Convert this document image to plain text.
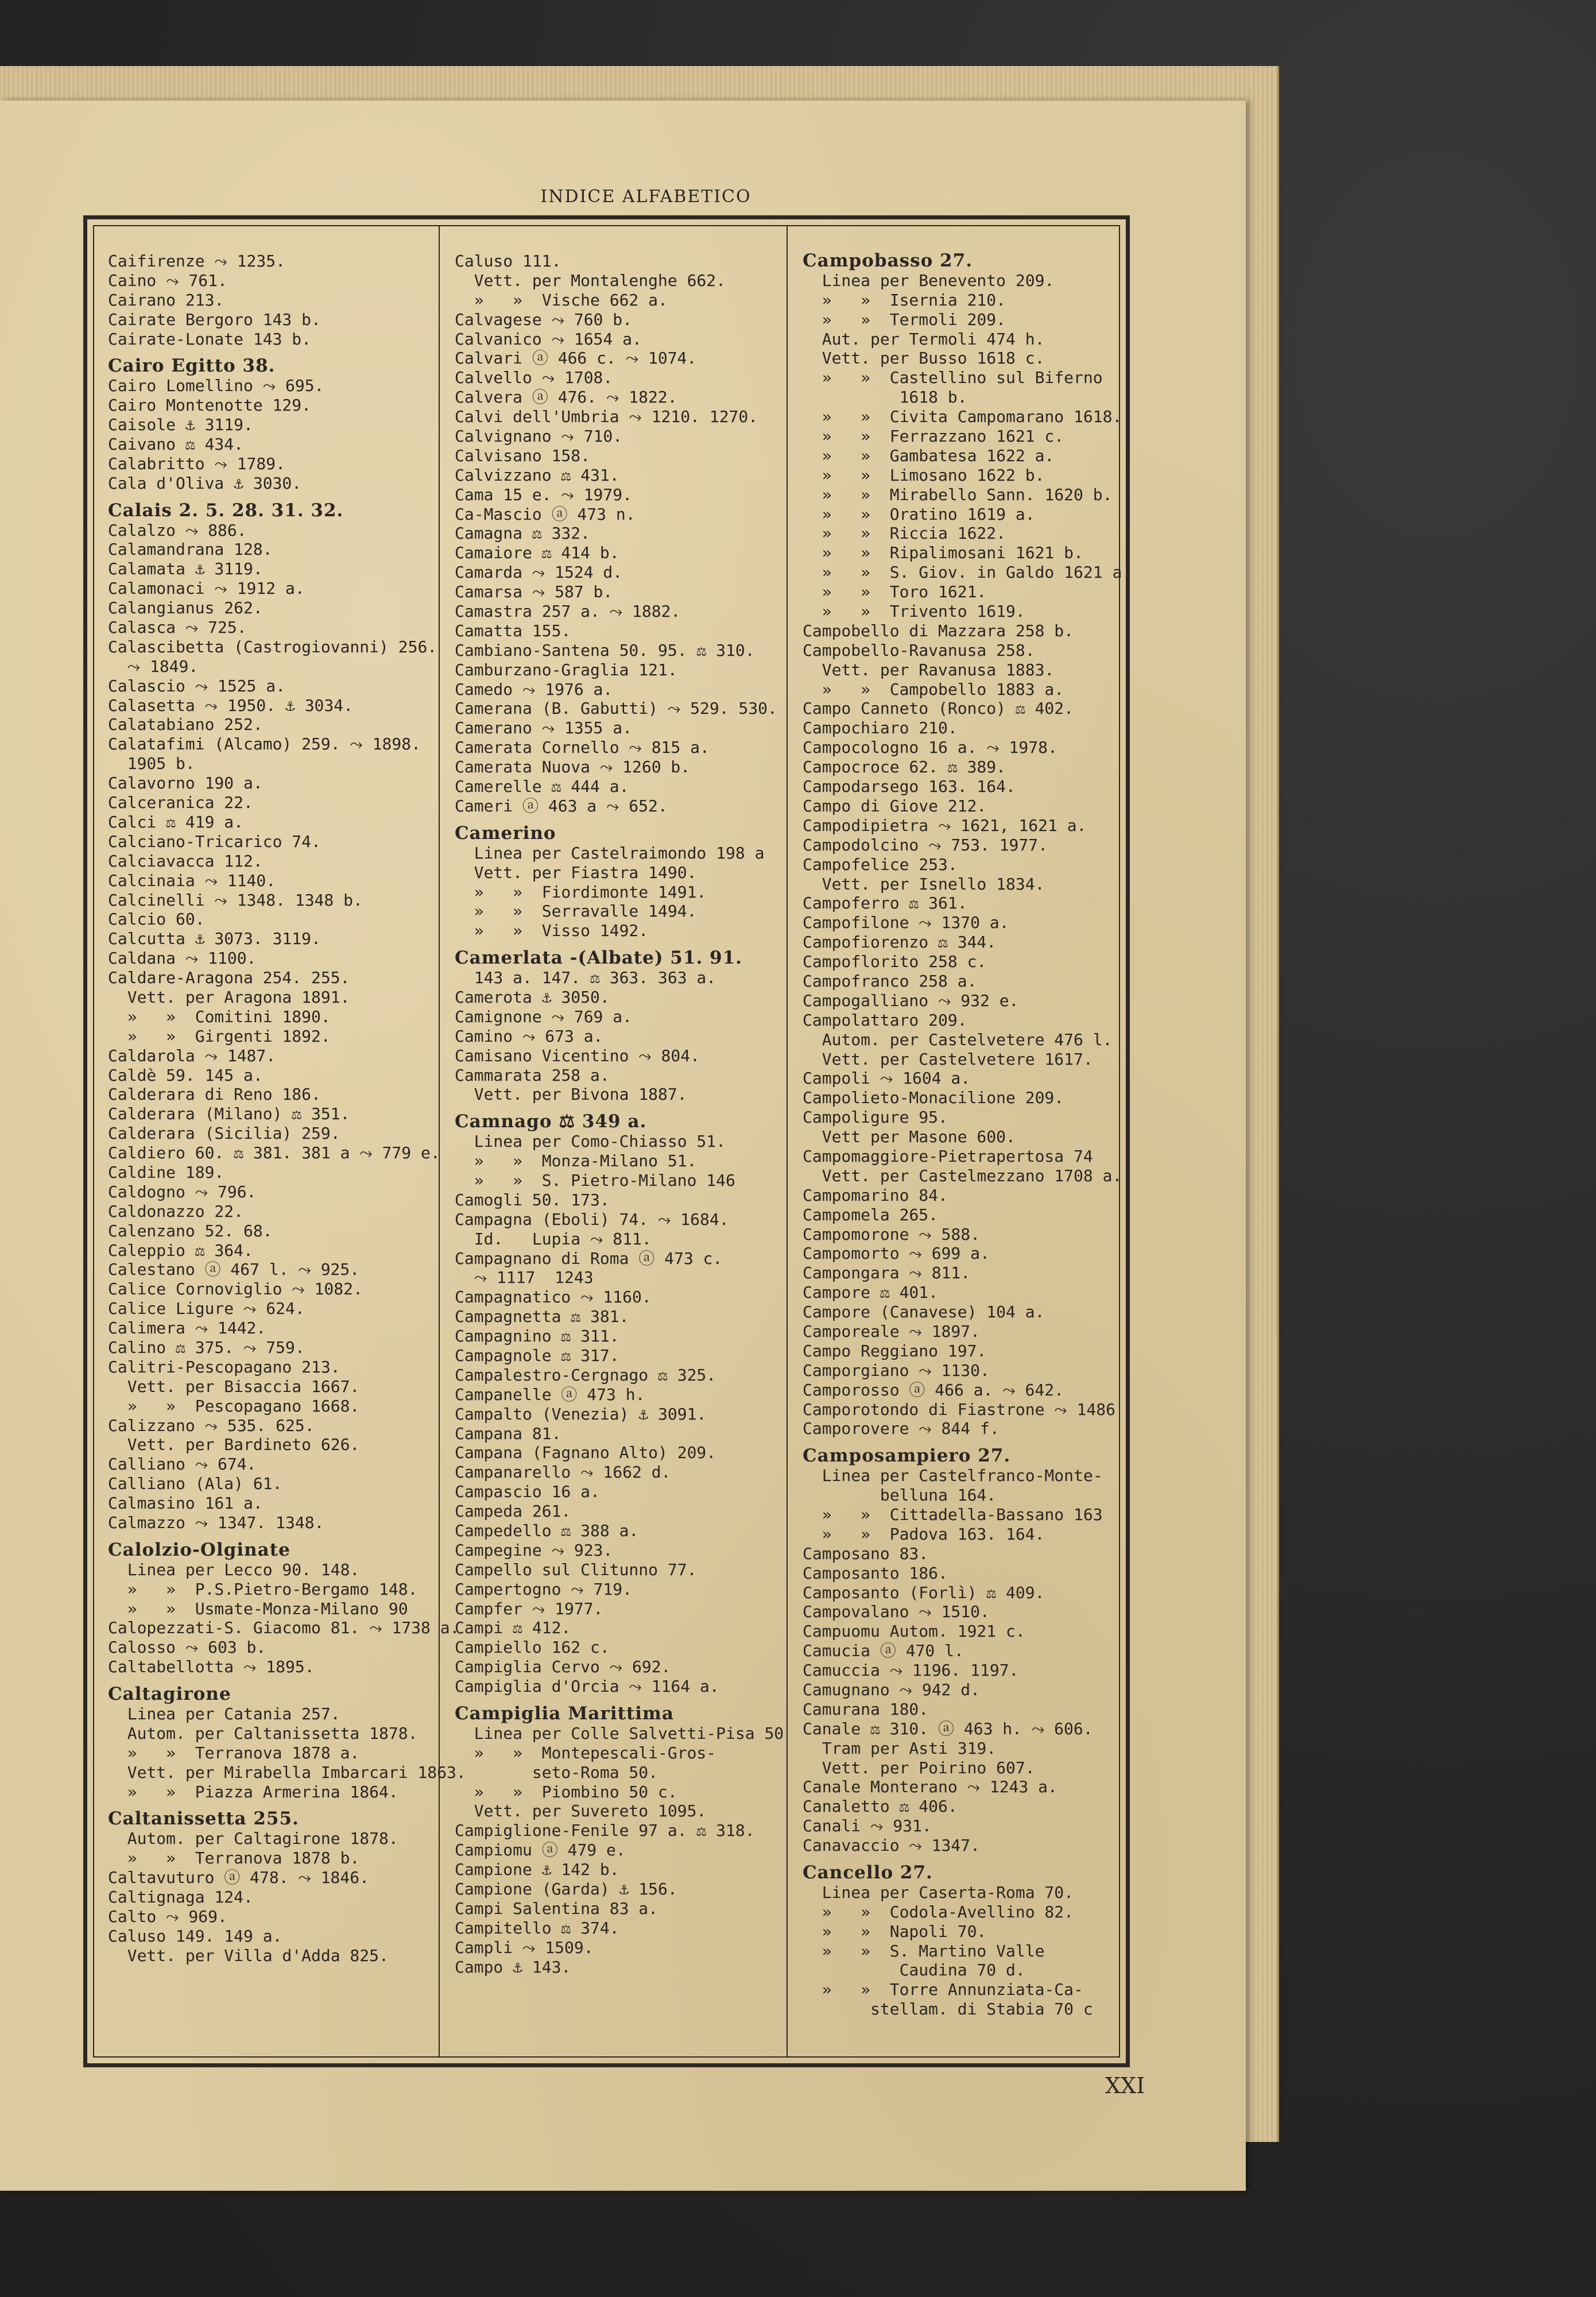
INDICE ALFABETICO
Caifirenze ⤳ 1235.
Caino ⤳ 761.
Cairano 213.
Cairate Bergoro 143 b.
Cairate-Lonate 143 b.
Cairo Egitto 38.
Cairo Lomellino ⤳ 695.
Cairo Montenotte 129.
Caisole ⚓ 3119.
Caivano ⚖ 434.
Calabritto ⤳ 1789.
Cala d'Oliva ⚓ 3030.
Calais 2. 5. 28. 31. 32.
Calalzo ⤳ 886.
Calamandrana 128.
Calamata ⚓ 3119.
Calamonaci ⤳ 1912 a.
Calangianus 262.
Calasca ⤳ 725.
Calascibetta (Castrogiovanni) 256.
⤳ 1849.
Calascio ⤳ 1525 a.
Calasetta ⤳ 1950. ⚓ 3034.
Calatabiano 252.
Calatafimi (Alcamo) 259. ⤳ 1898.
1905 b.
Calavorno 190 a.
Calceranica 22.
Calci ⚖ 419 a.
Calciano-Tricarico 74.
Calciavacca 112.
Calcinaia ⤳ 1140.
Calcinelli ⤳ 1348. 1348 b.
Calcio 60.
Calcutta ⚓ 3073. 3119.
Caldana ⤳ 1100.
Caldare-Aragona 254. 255.
Vett. per Aragona 1891.
»   »  Comitini 1890.
»   »  Girgenti 1892.
Caldarola ⤳ 1487.
Caldè 59. 145 a.
Calderara di Reno 186.
Calderara (Milano) ⚖ 351.
Calderara (Sicilia) 259.
Caldiero 60. ⚖ 381. 381 a ⤳ 779 e.
Caldine 189.
Caldogno ⤳ 796.
Caldonazzo 22.
Calenzano 52. 68.
Caleppio ⚖ 364.
Calestano ⓐ 467 l. ⤳ 925.
Calice Cornoviglio ⤳ 1082.
Calice Ligure ⤳ 624.
Calimera ⤳ 1442.
Calino ⚖ 375. ⤳ 759.
Calitri-Pescopagano 213.
Vett. per Bisaccia 1667.
»   »  Pescopagano 1668.
Calizzano ⤳ 535. 625.
Vett. per Bardineto 626.
Calliano ⤳ 674.
Calliano (Ala) 61.
Calmasino 161 a.
Calmazzo ⤳ 1347. 1348.
Calolzio-Olginate
Linea per Lecco 90. 148.
»   »  P.S.Pietro-Bergamo 148.
»   »  Usmate-Monza-Milano 90
Calopezzati-S. Giacomo 81. ⤳ 1738 a.
Calosso ⤳ 603 b.
Caltabellotta ⤳ 1895.
Caltagirone
Linea per Catania 257.
Autom. per Caltanissetta 1878.
»   »  Terranova 1878 a.
Vett. per Mirabella Imbarcari 1863.
»   »  Piazza Armerina 1864.
Caltanissetta 255.
Autom. per Caltagirone 1878.
»   »  Terranova 1878 b.
Caltavuturo ⓐ 478. ⤳ 1846.
Caltignaga 124.
Calto ⤳ 969.
Caluso 149. 149 a.
Vett. per Villa d'Adda 825.
Caluso 111.
Vett. per Montalenghe 662.
»   »  Vische 662 a.
Calvagese ⤳ 760 b.
Calvanico ⤳ 1654 a.
Calvari ⓐ 466 c. ⤳ 1074.
Calvello ⤳ 1708.
Calvera ⓐ 476. ⤳ 1822.
Calvi dell'Umbria ⤳ 1210. 1270.
Calvignano ⤳ 710.
Calvisano 158.
Calvizzano ⚖ 431.
Cama 15 e. ⤳ 1979.
Ca-Mascio ⓐ 473 n.
Camagna ⚖ 332.
Camaiore ⚖ 414 b.
Camarda ⤳ 1524 d.
Camarsa ⤳ 587 b.
Camastra 257 a. ⤳ 1882.
Camatta 155.
Cambiano-Santena 50. 95. ⚖ 310.
Camburzano-Graglia 121.
Camedo ⤳ 1976 a.
Camerana (B. Gabutti) ⤳ 529. 530.
Camerano ⤳ 1355 a.
Camerata Cornello ⤳ 815 a.
Camerata Nuova ⤳ 1260 b.
Camerelle ⚖ 444 a.
Cameri ⓐ 463 a ⤳ 652.
Camerino
Linea per Castelraimondo 198 a
Vett. per Fiastra 1490.
»   »  Fiordimonte 1491.
»   »  Serravalle 1494.
»   »  Visso 1492.
Camerlata -(Albate) 51. 91.
143 a. 147. ⚖ 363. 363 a.
Camerota ⚓ 3050.
Camignone ⤳ 769 a.
Camino ⤳ 673 a.
Camisano Vicentino ⤳ 804.
Cammarata 258 a.
Vett. per Bivona 1887.
Camnago ⚖ 349 a.
Linea per Como-Chiasso 51.
»   »  Monza-Milano 51.
»   »  S. Pietro-Milano 146
Camogli 50. 173.
Campagna (Eboli) 74. ⤳ 1684.
Id.   Lupia ⤳ 811.
Campagnano di Roma ⓐ 473 c.
⤳ 1117  1243
Campagnatico ⤳ 1160.
Campagnetta ⚖ 381.
Campagnino ⚖ 311.
Campagnole ⚖ 317.
Campalestro-Cergnago ⚖ 325.
Campanelle ⓐ 473 h.
Campalto (Venezia) ⚓ 3091.
Campana 81.
Campana (Fagnano Alto) 209.
Campanarello ⤳ 1662 d.
Campascio 16 a.
Campeda 261.
Campedello ⚖ 388 a.
Campegine ⤳ 923.
Campello sul Clitunno 77.
Campertogno ⤳ 719.
Campfer ⤳ 1977.
Campi ⚖ 412.
Campiello 162 c.
Campiglia Cervo ⤳ 692.
Campiglia d'Orcia ⤳ 1164 a.
Campiglia Marittima
Linea per Colle Salvetti-Pisa 50
»   »  Montepescali-Gros-
seto-Roma 50.
»   »  Piombino 50 c.
Vett. per Suvereto 1095.
Campiglione-Fenile 97 a. ⚖ 318.
Campiomu ⓐ 479 e.
Campione ⚓ 142 b.
Campione (Garda) ⚓ 156.
Campi Salentina 83 a.
Campitello ⚖ 374.
Campli ⤳ 1509.
Campo ⚓ 143.
Campobasso 27.
Linea per Benevento 209.
»   »  Isernia 210.
»   »  Termoli 209.
Aut. per Termoli 474 h.
Vett. per Busso 1618 c.
»   »  Castellino sul Biferno
1618 b.
»   »  Civita Campomarano 1618.
»   »  Ferrazzano 1621 c.
»   »  Gambatesa 1622 a.
»   »  Limosano 1622 b.
»   »  Mirabello Sann. 1620 b.
»   »  Oratino 1619 a.
»   »  Riccia 1622.
»   »  Ripalimosani 1621 b.
»   »  S. Giov. in Galdo 1621 a.
»   »  Toro 1621.
»   »  Trivento 1619.
Campobello di Mazzara 258 b.
Campobello-Ravanusa 258.
Vett. per Ravanusa 1883.
»   »  Campobello 1883 a.
Campo Canneto (Ronco) ⚖ 402.
Campochiaro 210.
Campocologno 16 a. ⤳ 1978.
Campocroce 62. ⚖ 389.
Campodarsego 163. 164.
Campo di Giove 212.
Campodipietra ⤳ 1621, 1621 a.
Campodolcino ⤳ 753. 1977.
Campofelice 253.
Vett. per Isnello 1834.
Campoferro ⚖ 361.
Campofilone ⤳ 1370 a.
Campofiorenzo ⚖ 344.
Campoflorito 258 c.
Campofranco 258 a.
Campogalliano ⤳ 932 e.
Campolattaro 209.
Autom. per Castelvetere 476 l.
Vett. per Castelvetere 1617.
Campoli ⤳ 1604 a.
Campolieto-Monacilione 209.
Campoligure 95.
Vett per Masone 600.
Campomaggiore-Pietrapertosa 74
Vett. per Castelmezzano 1708 a.
Campomarino 84.
Campomela 265.
Campomorone ⤳ 588.
Campomorto ⤳ 699 a.
Campongara ⤳ 811.
Campore ⚖ 401.
Campore (Canavese) 104 a.
Camporeale ⤳ 1897.
Campo Reggiano 197.
Camporgiano ⤳ 1130.
Camporosso ⓐ 466 a. ⤳ 642.
Camporotondo di Fiastrone ⤳ 1486
Camporovere ⤳ 844 f.
Camposampiero 27.
Linea per Castelfranco-Monte-
belluna 164.
»   »  Cittadella-Bassano 163
»   »  Padova 163. 164.
Camposano 83.
Camposanto 186.
Camposanto (Forlì) ⚖ 409.
Campovalano ⤳ 1510.
Campuomu Autom. 1921 c.
Camucia ⓐ 470 l.
Camuccia ⤳ 1196. 1197.
Camugnano ⤳ 942 d.
Camurana 180.
Canale ⚖ 310. ⓐ 463 h. ⤳ 606.
Tram per Asti 319.
Vett. per Poirino 607.
Canale Monterano ⤳ 1243 a.
Canaletto ⚖ 406.
Canali ⤳ 931.
Canavaccio ⤳ 1347.
Cancello 27.
Linea per Caserta-Roma 70.
»   »  Codola-Avellino 82.
»   »  Napoli 70.
»   »  S. Martino Valle
Caudina 70 d.
»   »  Torre Annunziata-Ca-
stellam. di Stabia 70 c
XXI
